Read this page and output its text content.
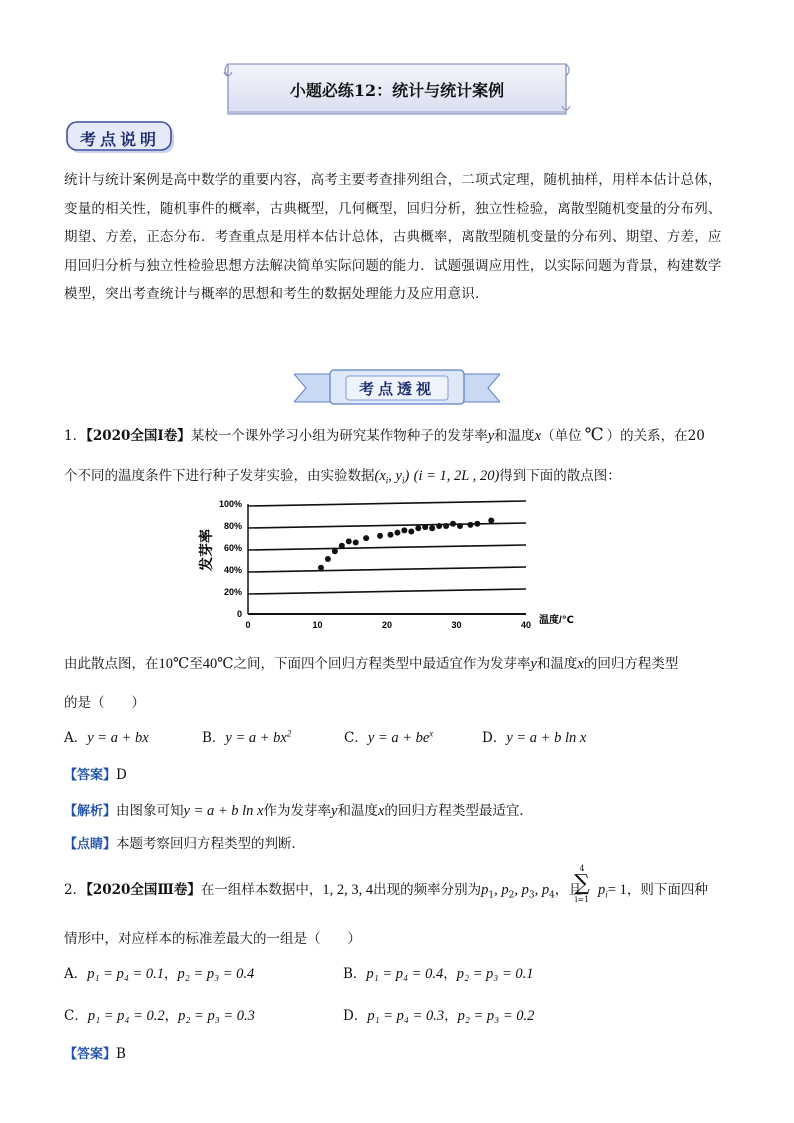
小题必练12：统计与统计案例
考点说明
统计与统计案例是高中数学的重要内容，高考主要考查排列组合，二项式定理，随机抽样，用样本估计总体，变量的相关性，随机事件的概率，古典概型，几何概型，回归分析，独立性检验，离散型随机变量的分布列、期望、方差，正态分布．考查重点是用样本估计总体，古典概率，离散型随机变量的分布列、期望、方差，应用回归分析与独立性检验思想方法解决简单实际问题的能力．试题强调应用性，以实际问题为背景，构建数学模型，突出考查统计与概率的思想和考生的数据处理能力及应用意识．
考点透视
1．【2020全国Ⅰ卷】某校一个课外学习小组为研究某作物种子的发芽率y和温度x（单位 ℃ ）的关系，在20
个不同的温度条件下进行种子发芽实验，由实验数据($x_i$, $y_i$) (i = 1, 2L , 20)得到下面的散点图：
0
20%
40%
60%
80%
100%
0	10	20	30	40 温度/℃
发芽率
由此散点图，在10℃至40℃之间，下面四个回归方程类型中最适宜作为发芽率y和温度x的回归方程类型
的是（　　）
A．y = a + bx	B．$y = a + bx^2$	C．$y = a + be^x$	D．y = a + b ln x
【答案】D
【解析】由图象可知y = a + b ln x作为发芽率y和温度x的回归方程类型最适宜．
【点睛】本题考察回归方程类型的判断．
2．【2020全国Ⅲ卷】在一组样本数据中，1, 2, 3, 4出现的频率分别为$p_1$, $p_2$, $p_3$, $p_4$，且
4
∑
i=1
$p_i= 1$，则下面四种
情形中，对应样本的标准差最大的一组是（　　）
A．p₁ = p₄ = 0.1，p₂ = p₃ = 0.4	B．p₁ = p₄ = 0.4，p₂ = p₃ = 0.1
C．p₁ = p₄ = 0.2，p₂ = p₃ = 0.3	D．p₁ = p₄ = 0.3，p₂ = p₃ = 0.2
【答案】B
